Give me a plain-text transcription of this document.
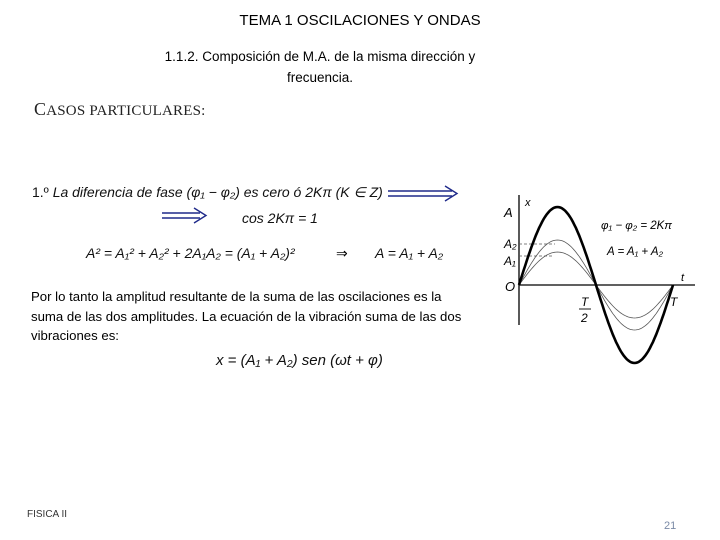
TEMA 1 OSCILACIONES Y ONDAS
1.1.2. Composición de M.A. de la misma dirección y
frecuencia.
CASOS PARTICULARES:
1.º La diferencia de fase (φ₁ − φ₂) es cero ó 2Kπ (K ∈ Z)
cos 2Kπ = 1
A² = A₁² + A₂² + 2A₁A₂ = (A₁ + A₂)²	⇒ A = A₁ + A₂
Por lo tanto la amplitud resultante de la suma de las oscilaciones es la suma de las dos amplitudes. La ecuación de la vibración suma de las dos vibraciones es:
x = (A₁ + A₂) sen (ωt + φ)
x
t
O
A
A₂
A₁
T
2
T
φ₁ − φ₂ = 2Kπ
A = A₁ + A₂
FISICA II
21
